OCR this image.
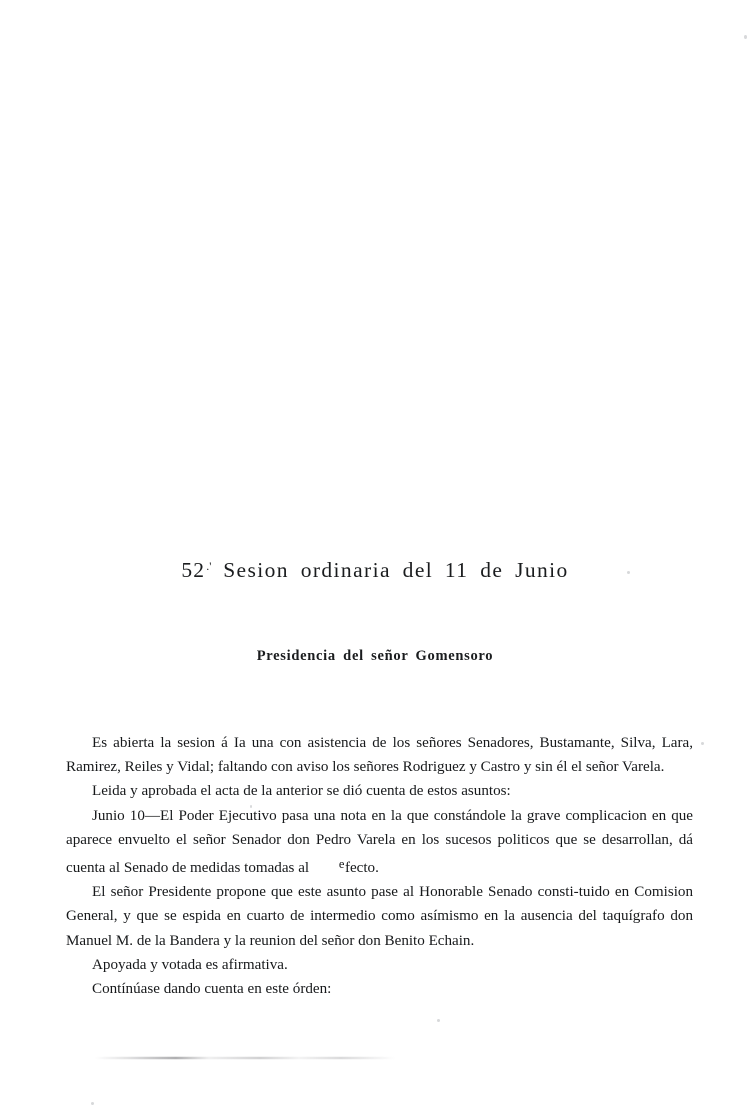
52.' Sesion ordinaria del 11 de Junio
Presidencia del señor Gomensoro

Es abierta la sesion á Ia una con asistencia de los señores Senadores, Bustamante, Silva, Lara, Ramirez, Reiles y Vidal; faltando con aviso los señores Rodriguez y Castro y sin él el señor Varela.

Leida y aprobada el acta de la anterior se dió cuenta de estos asuntos:

Junio 10—El Poder Ejecutivo pasa una nota en la que constándole la grave complicacion en que aparece envuelto el señor Senador don Pedro Varela en los sucesos politicos que se desarrollan, dá cuenta al Senado de medidas tomadas al efecto.

El señor Presidente propone que este asunto pase al Honorable Senado consti-tuido en Comision General, y que se espida en cuarto de intermedio como asímismo en la ausencia del taquígrafo don Manuel M. de la Bandera y la reunion del señor don Benito Echain.

Apoyada y votada es afirmativa.

Contínúase dando cuenta en este órden:
